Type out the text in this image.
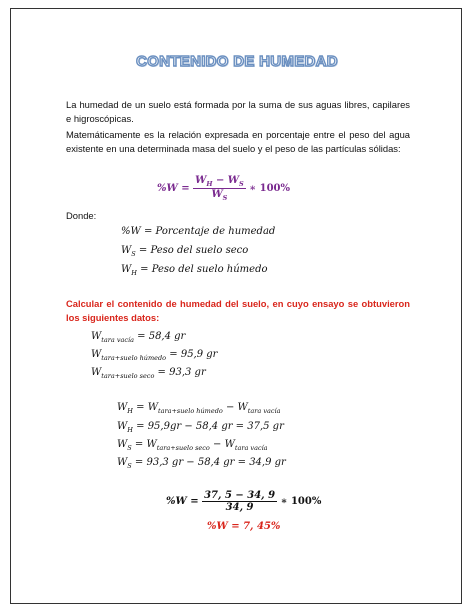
CONTENIDO DE HUMEDAD
La humedad de un suelo está formada por la suma de sus aguas libres, capilares e higroscópicas.
Matemáticamente es la relación expresada en porcentaje entre el peso del agua existente en una determinada masa del suelo y el peso de las partículas sólidas:
$\%W = \frac{W_H - W_S}{W_S}$ ∗ 100%
Donde:
%W = Porcentaje de humedad
$W_S$ = Peso del suelo seco
$W_H$ = Peso del suelo húmedo
Calcular el contenido de humedad del suelo, en cuyo ensayo se obtuvieron los siguientes datos:
$W_{tara vacía} = 58,4$ gr
$W_{tara+suelo húmedo} = 95,9$ gr
$W_{tara+suelo seco} = 93,3$ gr
$W_H = W_{tara+suelo húmedo} - W_{tara vacía}$
$W_H = 95,9gr - 58,4$ gr = 37,5 gr
$W_S = W_{tara+suelo seco} - W_{tara vacía}$
$W_S = 93,3$ gr − 58,4 gr = 34,9 gr
$\%W = \frac{37, 5 - 34, 9}{34, 9}$ ∗ 100%
%W = 7, 45%
